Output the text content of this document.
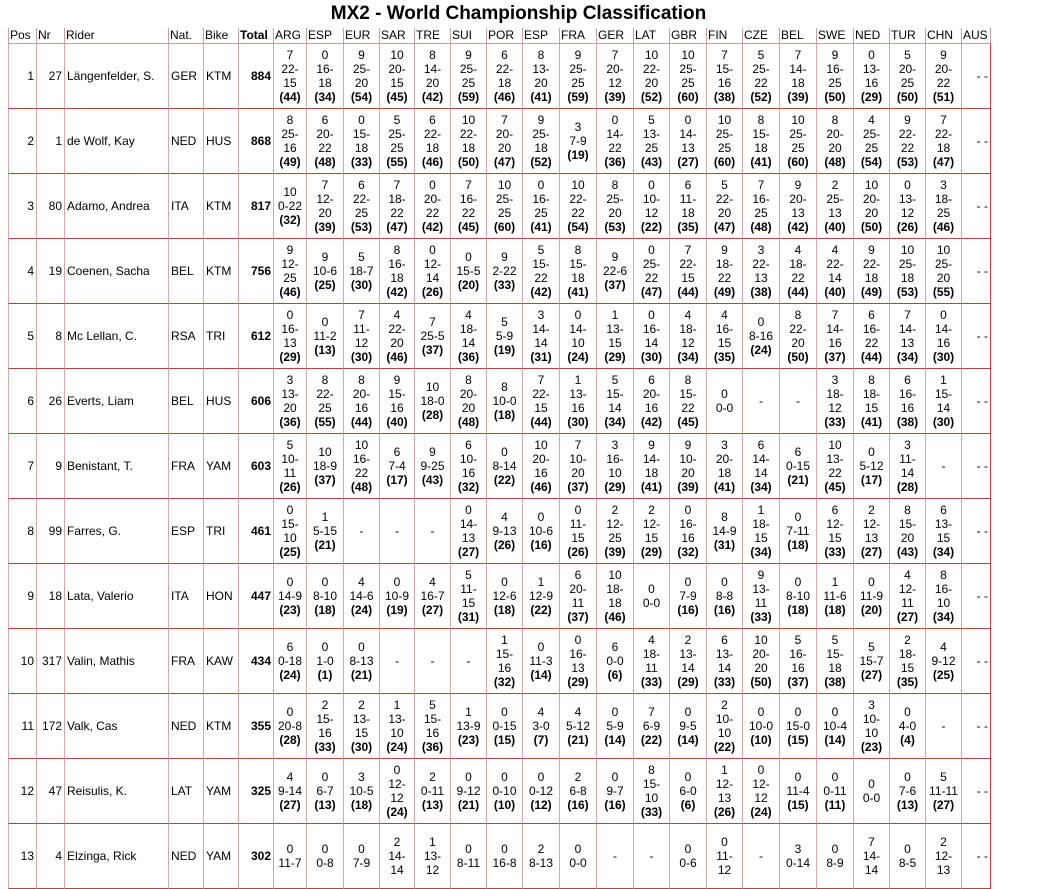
MX2 - World Championship Classification
Pos	Nr	Rider	Nat.	Bike	Total	ARG	ESP	EUR	SAR	TRE	SUI	POR	ESP	FRA	GER	LAT	GBR	FIN	CZE	BEL	SWE	NED	TUR	CHN	AUS
1	27	Längenfelder, S.	GER	KTM	884	7
22-
15
(44)	0
16-
18
(34)	9
25-
20
(54)	10
20-
15
(45)	8
14-
20
(42)	9
25-
25
(59)	6
22-
18
(46)	8
13-
20
(41)	9
25-
25
(59)	7
20-
12
(39)	10
22-
20
(52)	10
25-
25
(60)	7
15-
16
(38)	5
25-
22
(52)	7
14-
18
(39)	9
16-
25
(50)	0
13-
16
(29)	5
20-
25
(50)	9
20-
22
(51)	- -
2	1	de Wolf, Kay	NED	HUS	868	8
25-
16
(49)	6
20-
22
(48)	0
15-
18
(33)	5
25-
25
(55)	6
22-
18
(46)	10
22-
18
(50)	7
20-
20
(47)	9
25-
18
(52)	3
7-9
(19)	0
14-
22
(36)	5
13-
25
(43)	0
14-
13
(27)	10
25-
25
(60)	8
15-
18
(41)	10
25-
25
(60)	8
20-
20
(48)	4
25-
25
(54)	9
22-
22
(53)	7
22-
18
(47)	- -
3	80	Adamo, Andrea	ITA	KTM	817	10
0-22
(32)	7
12-
20
(39)	6
22-
25
(53)	7
18-
22
(47)	0
20-
22
(42)	7
16-
22
(45)	10
25-
25
(60)	0
16-
25
(41)	10
22-
22
(54)	8
25-
20
(53)	0
10-
12
(22)	6
11-
18
(35)	5
22-
20
(47)	7
16-
25
(48)	9
20-
13
(42)	2
25-
13
(40)	10
20-
20
(50)	0
13-
12
(26)	3
18-
25
(46)	- -
4	19	Coenen, Sacha	BEL	KTM	756	9
12-
25
(46)	9
10-6
(25)	5
18-7
(30)	8
16-
18
(42)	0
12-
14
(26)	0
15-5
(20)	9
2-22
(33)	5
15-
22
(42)	8
15-
18
(41)	9
22-6
(37)	0
25-
22
(47)	7
22-
15
(44)	9
18-
22
(49)	3
22-
13
(38)	4
18-
22
(44)	4
22-
14
(40)	9
22-
18
(49)	10
25-
18
(53)	10
25-
20
(55)	- -
5	8	Mc Lellan, C.	RSA	TRI	612	0
16-
13
(29)	0
11-2
(13)	7
11-
12
(30)	4
22-
20
(46)	7
25-5
(37)	4
18-
14
(36)	5
5-9
(19)	3
14-
14
(31)	0
14-
10
(24)	1
13-
15
(29)	0
16-
14
(30)	4
18-
12
(34)	4
16-
15
(35)	0
8-16
(24)	8
22-
20
(50)	7
14-
16
(37)	6
16-
22
(44)	7
14-
13
(34)	0
14-
16
(30)	- -
6	26	Everts, Liam	BEL	HUS	606	3
13-
20
(36)	8
22-
25
(55)	8
20-
16
(44)	9
15-
16
(40)	10
18-0
(28)	8
20-
20
(48)	8
10-0
(18)	7
22-
15
(44)	1
13-
16
(30)	5
15-
14
(34)	6
20-
16
(42)	8
15-
22
(45)	0
0-0	-	-	3
18-
12
(33)	8
18-
15
(41)	6
16-
16
(38)	1
15-
14
(30)	- -
7	9	Benistant, T.	FRA	YAM	603	5
10-
11
(26)	10
18-9
(37)	10
16-
22
(48)	6
7-4
(17)	9
9-25
(43)	6
10-
16
(32)	0
8-14
(22)	10
20-
16
(46)	7
10-
20
(37)	3
16-
10
(29)	9
14-
18
(41)	9
10-
20
(39)	3
20-
18
(41)	6
14-
14
(34)	6
0-15
(21)	10
13-
22
(45)	0
5-12
(17)	3
11-
14
(28)	-	- -
8	99	Farres, G.	ESP	TRI	461	0
15-
10
(25)	1
5-15
(21)	-	-	-	0
14-
13
(27)	4
9-13
(26)	0
10-6
(16)	0
11-
15
(26)	2
12-
25
(39)	2
12-
15
(29)	0
16-
16
(32)	8
14-9
(31)	1
18-
15
(34)	0
7-11
(18)	6
12-
15
(33)	2
12-
13
(27)	8
15-
20
(43)	6
13-
15
(34)	- -
9	18	Lata, Valerio	ITA	HON	447	0
14-9
(23)	0
8-10
(18)	4
14-6
(24)	0
10-9
(19)	4
16-7
(27)	5
11-
15
(31)	0
12-6
(18)	1
12-9
(22)	6
20-
11
(37)	10
18-
18
(46)	0
0-0	0
7-9
(16)	0
8-8
(16)	9
13-
11
(33)	0
8-10
(18)	1
11-6
(18)	0
11-9
(20)	4
12-
11
(27)	8
16-
10
(34)	- -
10	317	Valin, Mathis	FRA	KAW	434	6
0-18
(24)	0
1-0
(1)	0
8-13
(21)	-	-	-	1
15-
16
(32)	0
11-3
(14)	0
16-
13
(29)	6
0-0
(6)	4
18-
11
(33)	2
13-
14
(29)	6
13-
14
(33)	10
20-
20
(50)	5
16-
16
(37)	5
15-
18
(38)	5
15-7
(27)	2
18-
15
(35)	4
9-12
(25)	- -
11	172	Valk, Cas	NED	KTM	355	0
20-8
(28)	2
15-
16
(33)	2
13-
15
(30)	1
13-
10
(24)	5
15-
16
(36)	1
13-9
(23)	0
0-15
(15)	4
3-0
(7)	4
5-12
(21)	0
5-9
(14)	7
6-9
(22)	0
9-5
(14)	2
10-
10
(22)	0
10-0
(10)	0
15-0
(15)	0
10-4
(14)	3
10-
10
(23)	0
4-0
(4)	-	- -
12	47	Reisulis, K.	LAT	YAM	325	4
9-14
(27)	0
6-7
(13)	3
10-5
(18)	0
12-
12
(24)	2
0-11
(13)	0
9-12
(21)	0
0-10
(10)	0
0-12
(12)	2
6-8
(16)	0
9-7
(16)	8
15-
10
(33)	0
6-0
(6)	1
12-
13
(26)	0
12-
12
(24)	0
11-4
(15)	0
0-11
(11)	0
0-0	0
7-6
(13)	5
11-11
(27)	- -
13	4	Elzinga, Rick	NED	YAM	302	0
11-7	0
0-8	0
7-9	2
14-
14	1
13-
12	0
8-11	0
16-8	2
8-13	0
0-0	-	-	0
0-6	0
11-
12	-	3
0-14	0
8-9	7
14-
14	0
8-5	2
12-
13	- -
